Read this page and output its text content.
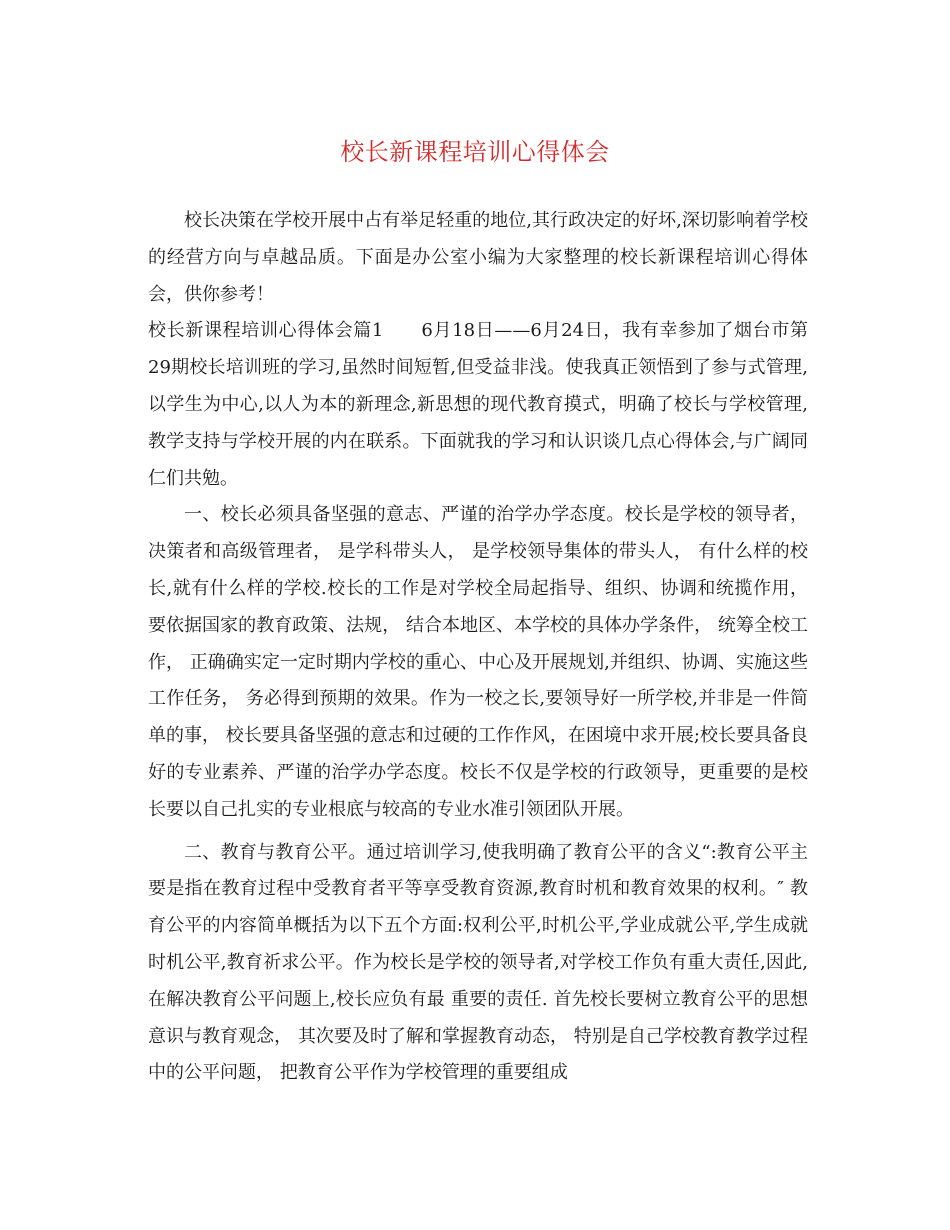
校长新课程培训心得体会

校长决策在学校开展中占有举足轻重的地位,其行政决定的好坏,深切影响着学校的经营方向与卓越品质。下面是办公室小编为大家整理的校长新课程培训心得体会，供你参考！

校长新课程培训心得体会篇1 6月18日——6月24日，我有幸参加了烟台市第29期校长培训班的学习,虽然时间短暂,但受益非浅。使我真正领悟到了参与式管理,以学生为中心,以人为本的新理念,新思想的现代教育摸式，明确了校长与学校管理,教学支持与学校开展的内在联系。下面就我的学习和认识谈几点心得体会,与广阔同仁们共勉。

一、校长必须具备坚强的意志、严谨的治学办学态度。校长是学校的领导者， 决策者和高级管理者， 是学科带头人， 是学校领导集体的带头人， 有什么样的校长,就有什么样的学校.校长的工作是对学校全局起指导、组织、协调和统揽作用， 要依据国家的教育政策、法规， 结合本地区、本学校的具体办学条件， 统筹全校工作， 正确确实定一定时期内学校的重心、中心及开展规划,并组织、协调、实施这些工作任务， 务必得到预期的效果。作为一校之长,要领导好一所学校,并非是一件简单的事， 校长要具备坚强的意志和过硬的工作作风，在困境中求开展;校长要具备良好的专业素养、严谨的治学办学态度。校长不仅是学校的行政领导，更重要的是校长要以自己扎实的专业根底与较高的专业水准引领团队开展。

二、教育与教育公平。通过培训学习,使我明确了教育公平的含义“:教育公平主要是指在教育过程中受教育者平等享受教育资源,教育时机和教育效果的权利。″ 教育公平的内容简单概括为以下五个方面:权利公平,时机公平,学业成就公平,学生成就时机公平,教育祈求公平。作为校长是学校的领导者,对学校工作负有重大责任,因此,在解决教育公平问题上,校长应负有最 重要的责任. 首先校长要树立教育公平的思想意识与教育观念， 其次要及时了解和掌握教育动态， 特别是自己学校教育教学过程中的公平问题， 把教育公平作为学校管理的重要组成
